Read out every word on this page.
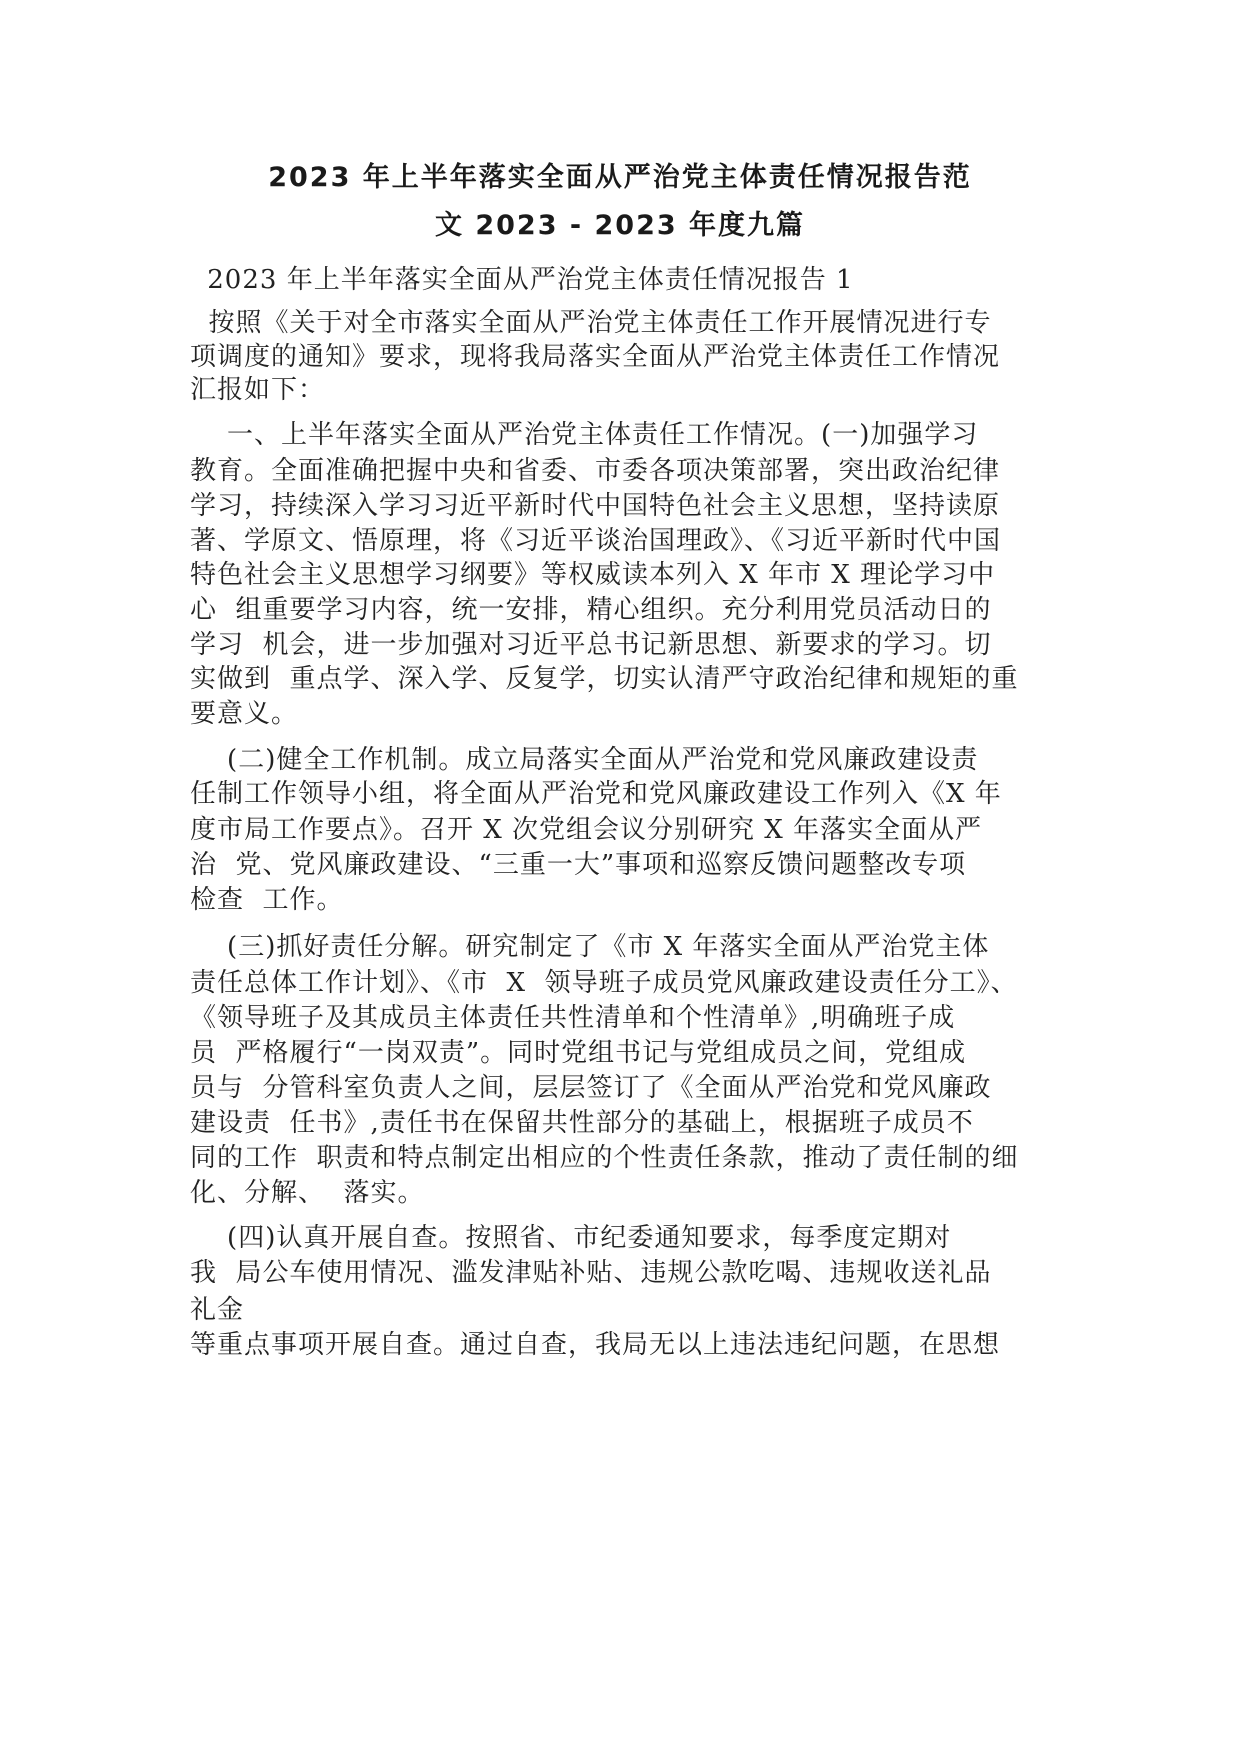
2023 年上半年落实全面从严治党主体责任情况报告范
文 2023 - 2023 年度九篇

2023 年上半年落实全面从严治党主体责任情况报告 1

按照《关于对全市落实全面从严治党主体责任工作开展情况进行专

项调度的通知》要求，现将我局落实全面从严治党主体责任工作情况

汇报如下：

一、上半年落实全面从严治党主体责任工作情况。(一)加强学习

教育。全面准确把握中央和省委、市委各项决策部署，突出政治纪律

学习，持续深入学习习近平新时代中国特色社会主义思想，坚持读原

著、学原文、悟原理，将《习近平谈治国理政》、《习近平新时代中国

特色社会主义思想学习纲要》等权威读本列入 X 年市 X 理论学习中

心  组重要学习内容，统一安排，精心组织。充分利用党员活动日的

学习  机会，进一步加强对习近平总书记新思想、新要求的学习。切

实做到  重点学、深入学、反复学，切实认清严守政治纪律和规矩的重

要意义。

(二)健全工作机制。成立局落实全面从严治党和党风廉政建设责

任制工作领导小组，将全面从严治党和党风廉政建设工作列入《X 年

度市局工作要点》。召开 X 次党组会议分别研究 X 年落实全面从严

治  党、党风廉政建设、“三重一大”事项和巡察反馈问题整改专项

检查  工作。

(三)抓好责任分解。研究制定了《市 X 年落实全面从严治党主体

责任总体工作计划》、《市  X  领导班子成员党风廉政建设责任分工》、

《领导班子及其成员主体责任共性清单和个性清单》,明确班子成

员  严格履行“一岗双责”。同时党组书记与党组成员之间，党组成

员与  分管科室负责人之间，层层签订了《全面从严治党和党风廉政

建设责  任书》,责任书在保留共性部分的基础上，根据班子成员不

同的工作  职责和特点制定出相应的个性责任条款，推动了责任制的细

化、分解、  落实。

(四)认真开展自查。按照省、市纪委通知要求，每季度定期对

我  局公车使用情况、滥发津贴补贴、违规公款吃喝、违规收送礼品

礼金

等重点事项开展自查。通过自查，我局无以上违法违纪问题，在思想
